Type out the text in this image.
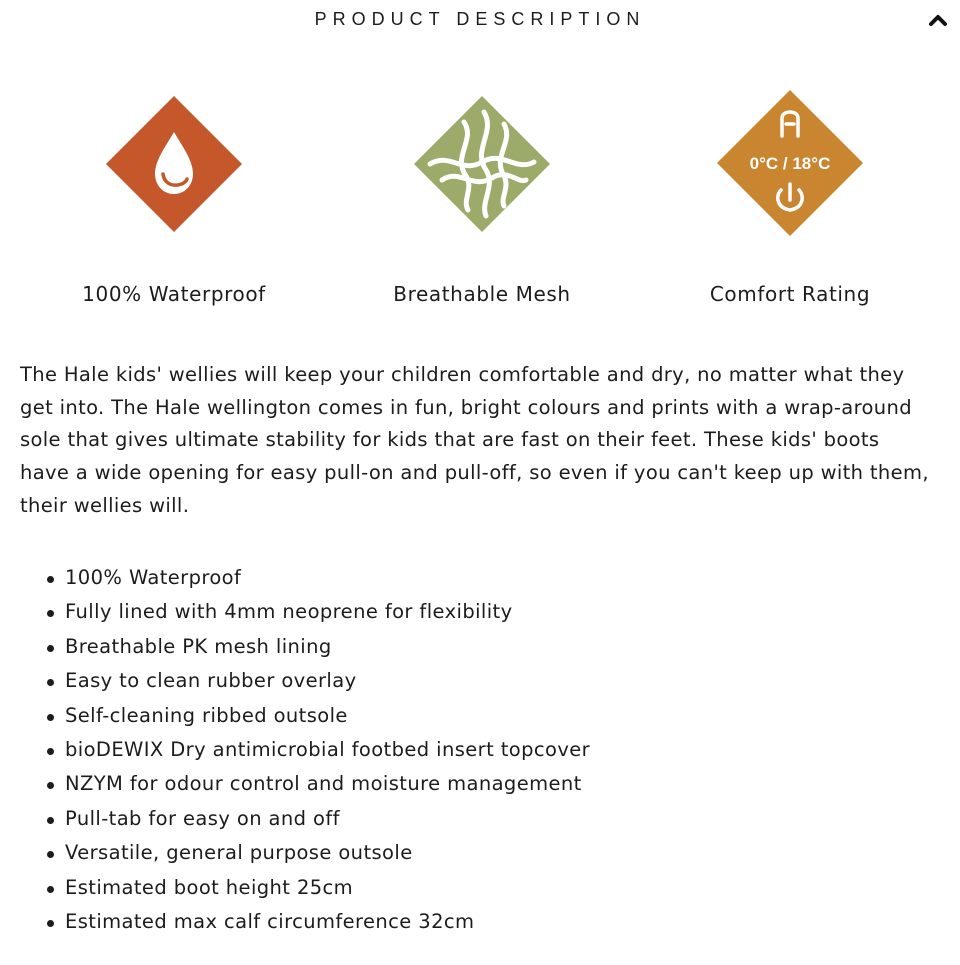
PRODUCT DESCRIPTION
100% Waterproof	Breathable Mesh
0°C / 18°C
Comfort Rating

The Hale kids' wellies will keep your children comfortable and dry, no matter what they get into. The Hale wellington comes in fun, bright colours and prints with a wrap-around sole that gives ultimate stability for kids that are fast on their feet. These kids' boots have a wide opening for easy pull-on and pull-off, so even if you can't keep up with them, their wellies will.

100% Waterproof
Fully lined with 4mm neoprene for flexibility
Breathable PK mesh lining
Easy to clean rubber overlay
Self-cleaning ribbed outsole
bioDEWIX Dry antimicrobial footbed insert topcover
NZYM for odour control and moisture management
Pull-tab for easy on and off
Versatile, general purpose outsole
Estimated boot height 25cm
Estimated max calf circumference 32cm
